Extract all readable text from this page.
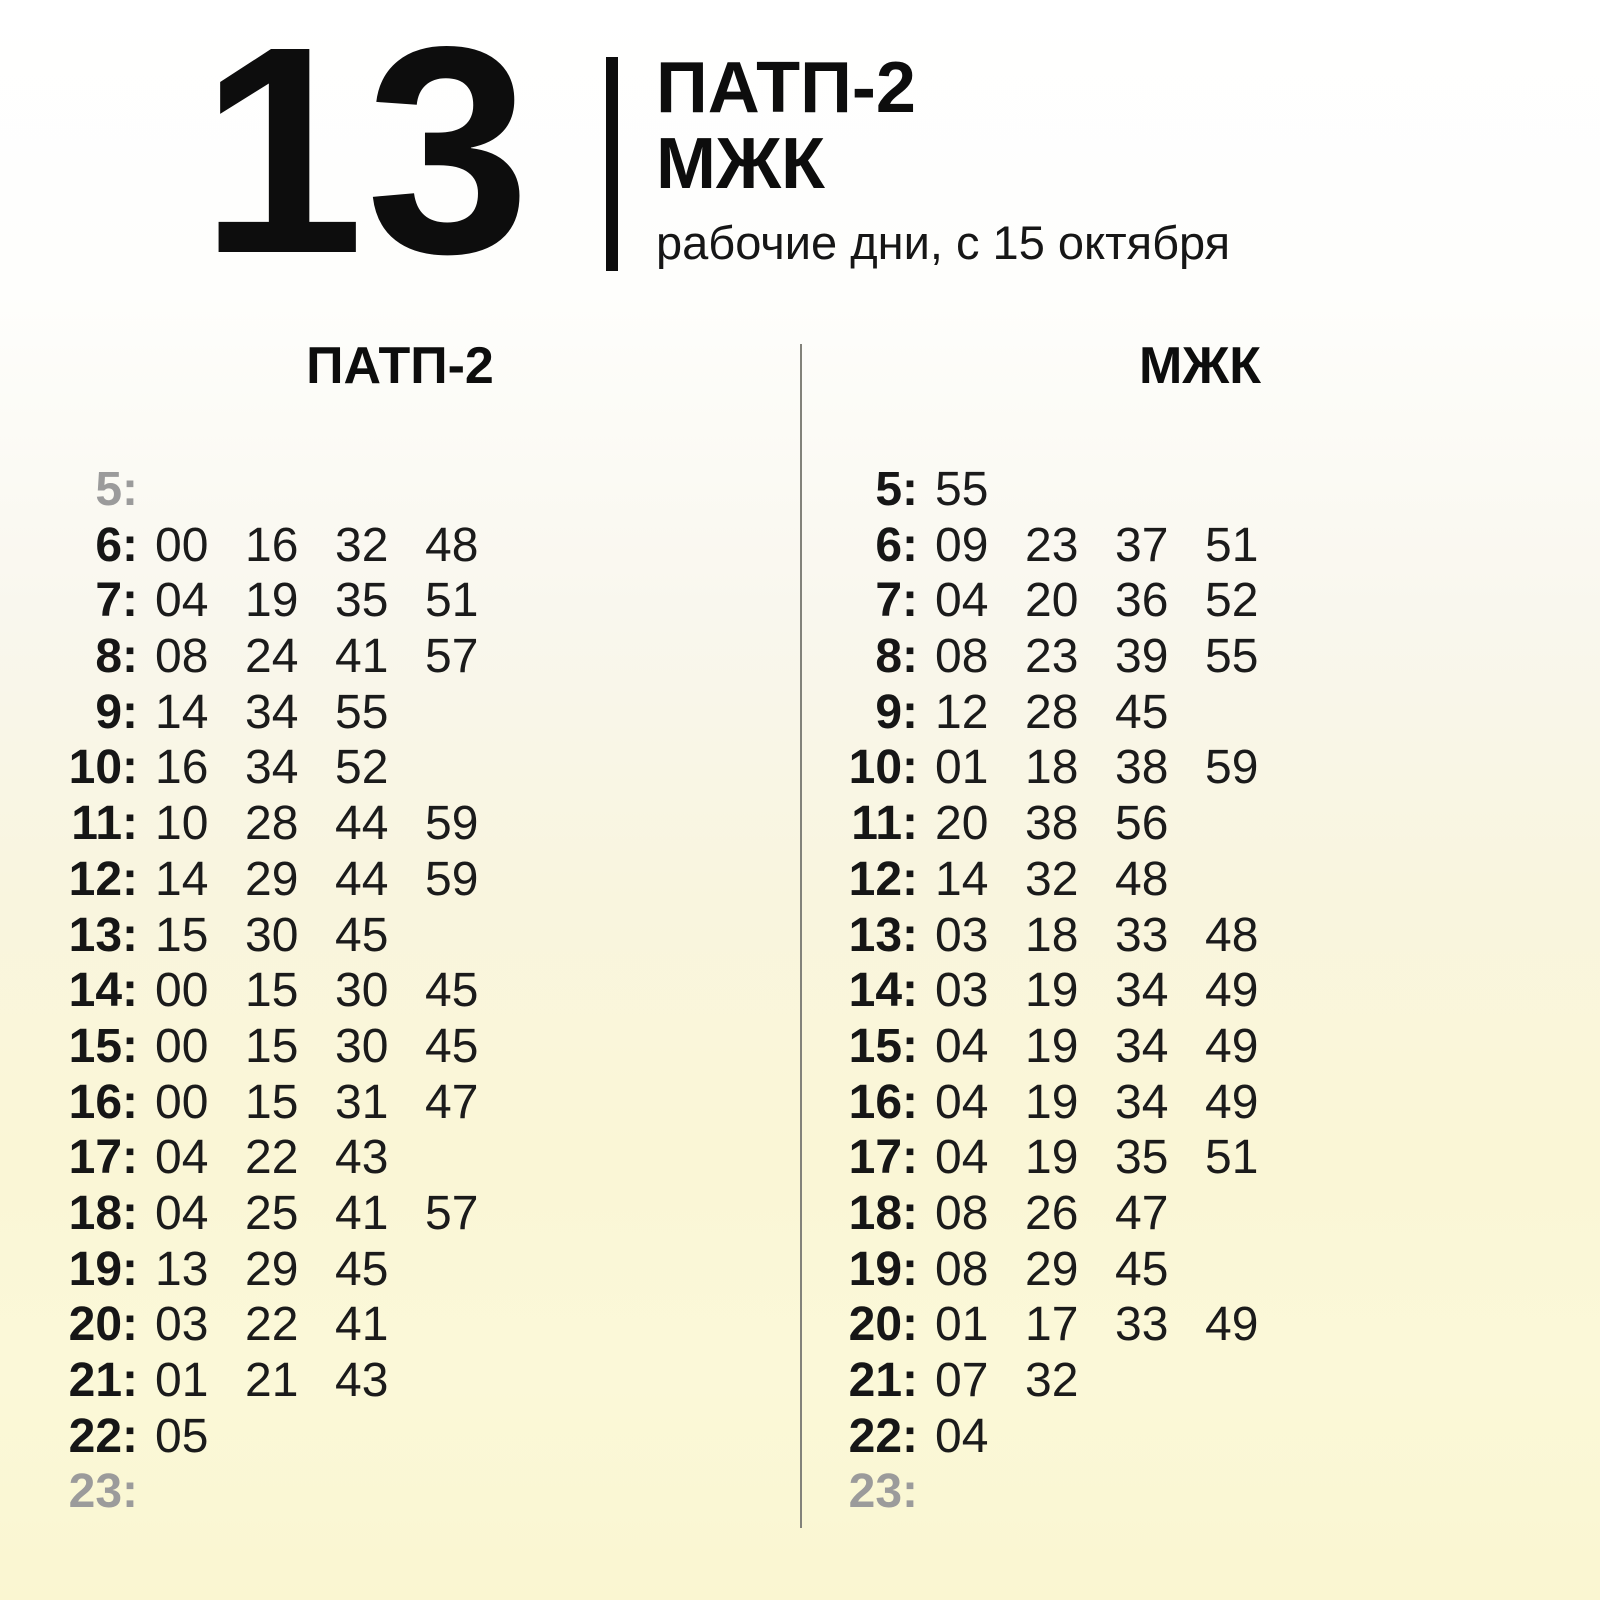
13 ПАТП-2
МЖК
рабочие дни, с 15 октября
ПАТП-2	МЖК
5:
6: 00 16 32 48
7: 04 19 35 51
8: 08 24 41 57
9: 14 34 55
10: 16 34 52
11: 10 28 44 59
12: 14 29 44 59
13: 15 30 45
14: 00 15 30 45
15: 00 15 30 45
16: 00 15 31 47
17: 04 22 43
18: 04 25 41 57
19: 13 29 45
20: 03 22 41
21: 01 21 43
22: 05
23:
5: 55
6: 09 23 37 51
7: 04 20 36 52
8: 08 23 39 55
9: 12 28 45
10: 01 18 38 59
11: 20 38 56
12: 14 32 48
13: 03 18 33 48
14: 03 19 34 49
15: 04 19 34 49
16: 04 19 34 49
17: 04 19 35 51
18: 08 26 47
19: 08 29 45
20: 01 17 33 49
21: 07 32
22: 04
23:
